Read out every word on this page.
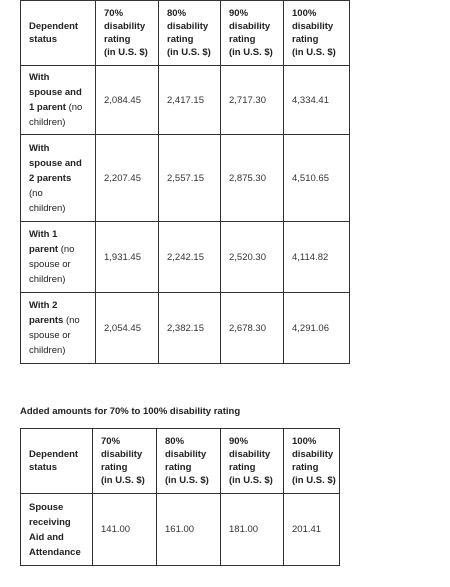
Dependent
status	70%
disability
rating
(in U.S. $)	80%
disability
rating
(in U.S. $)	90%
disability
rating
(in U.S. $)	100%
disability
rating
(in U.S. $)

With
spouse and
1 parent (no
children)	2,084.45	2,417.15	2,717.30	4,334.41
With
spouse and
2 parents
(no
children)	2,207.45	2,557.15	2,875.30	4,510.65
With 1
parent (no
spouse or
children)	1,931.45	2,242.15	2,520.30	4,114.82
With 2
parents (no
spouse or
children)	2,054.45	2,382.15	2,678.30	4,291.06
Added amounts for 70% to 100% disability rating
Dependent
status	70%
disability
rating
(in U.S. $)	80%
disability
rating
(in U.S. $)	90%
disability
rating
(in U.S. $)	100%
disability
rating
(in U.S. $)

Spouse
receiving
Aid and
Attendance	141.00	161.00	181.00	201.41
